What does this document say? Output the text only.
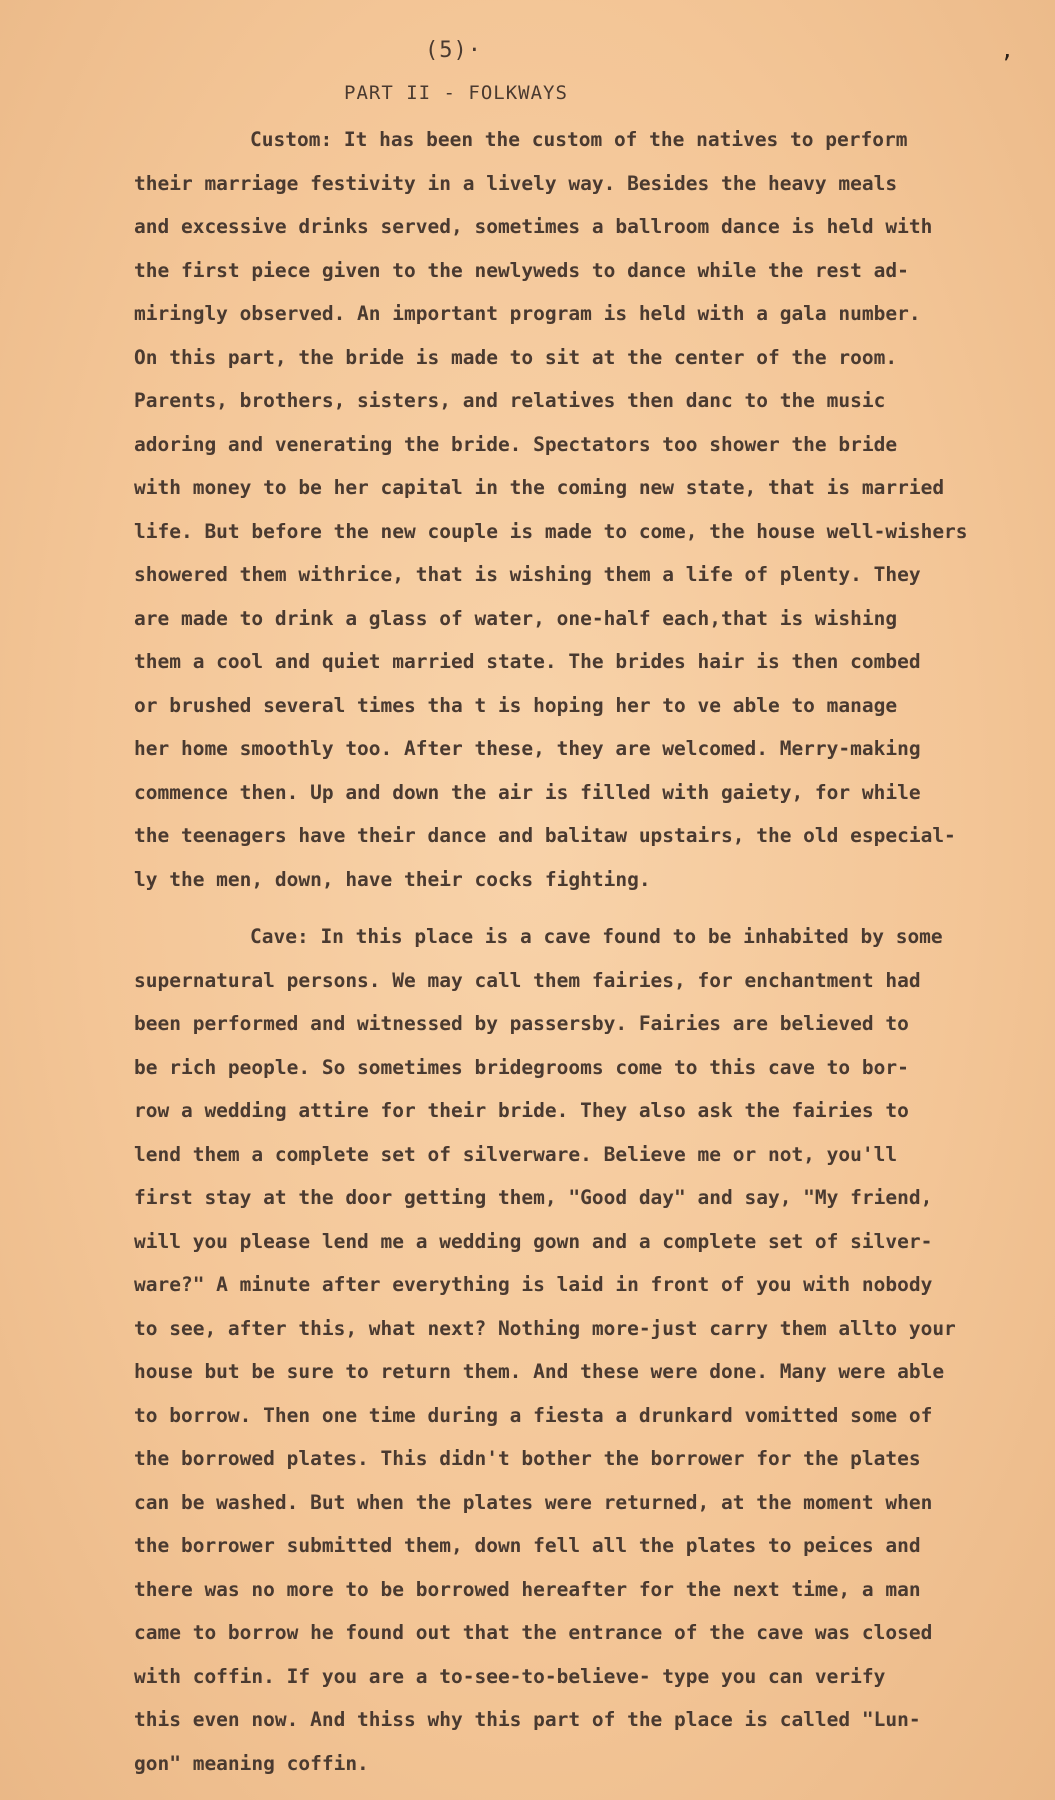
(5)·
’
PART II - FOLKWAYS
Custom: It has been the custom of the natives to perform
their marriage festivity in a lively way. Besides the heavy meals
and excessive drinks served, sometimes a ballroom dance is held with
the first piece given to the newlyweds to dance while the rest ad-
miringly observed. An important program is held with a gala number.
On this part, the bride is made to sit at the center of the room.
Parents, brothers, sisters, and relatives then danc to the music
adoring and venerating the bride. Spectators too shower the bride
with money to be her capital in the coming new state, that is married
life. But before the new couple is made to come, the house well-wishers
showered them withrice, that is wishing them a life of plenty. They
are made to drink a glass of water, one-half each,that is wishing
them a cool and quiet married state. The brides hair is then combed
or brushed several times tha t is hoping her to ve able to manage
her home smoothly too. After these, they are welcomed. Merry-making
commence then. Up and down the air is filled with gaiety, for while
the teenagers have their dance and balitaw upstairs, the old especial-
ly the men, down, have their cocks fighting.
Cave: In this place is a cave found to be inhabited by some
supernatural persons. We may call them fairies, for enchantment had
been performed and witnessed by passersby. Fairies are believed to
be rich people. So sometimes bridegrooms come to this cave to bor-
row a wedding attire for their bride. They also ask the fairies to
lend them a complete set of silverware. Believe me or not, you'll
first stay at the door getting them, "Good day" and say, "My friend,
will you please lend me a wedding gown and a complete set of silver-
ware?" A minute after everything is laid in front of you with nobody
to see, after this, what next? Nothing more-just carry them allto your
house but be sure to return them. And these were done. Many were able
to borrow. Then one time during a fiesta a drunkard vomitted some of
the borrowed plates. This didn't bother the borrower for the plates
can be washed. But when the plates were returned, at the moment when
the borrower submitted them, down fell all the plates to peices and
there was no more to be borrowed hereafter for the next time, a man
came to borrow he found out that the entrance of the cave was closed
with coffin. If you are a to-see-to-believe- type you can verify
this even now. And thiss why this part of the place is called "Lun-
gon" meaning coffin.
